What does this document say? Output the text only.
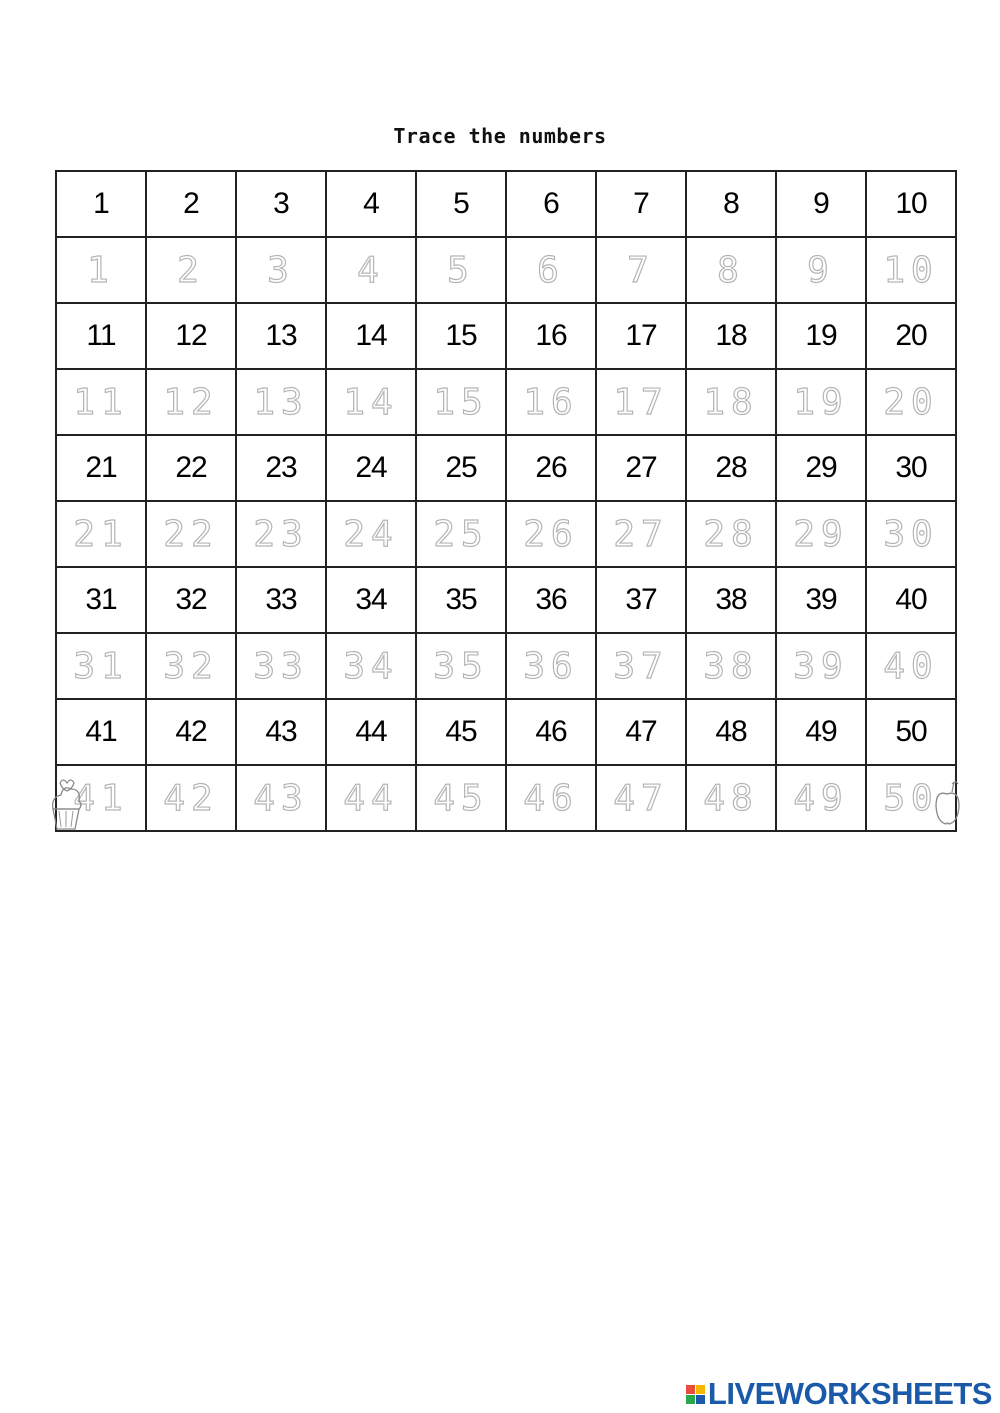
Trace the numbers
1	2	3	4	5	6	7	8	9	10
1	2	3	4	5	6	7	8	9	10
11	12	13	14	15	16	17	18	19	20
11	12	13	14	15	16	17	18	19	20
21	22	23	24	25	26	27	28	29	30
21	22	23	24	25	26	27	28	29	30
31	32	33	34	35	36	37	38	39	40
31	32	33	34	35	36	37	38	39	40
41	42	43	44	45	46	47	48	49	50
41	42	43	44	45	46	47	48	49	50
LIVEWORKSHEETS
